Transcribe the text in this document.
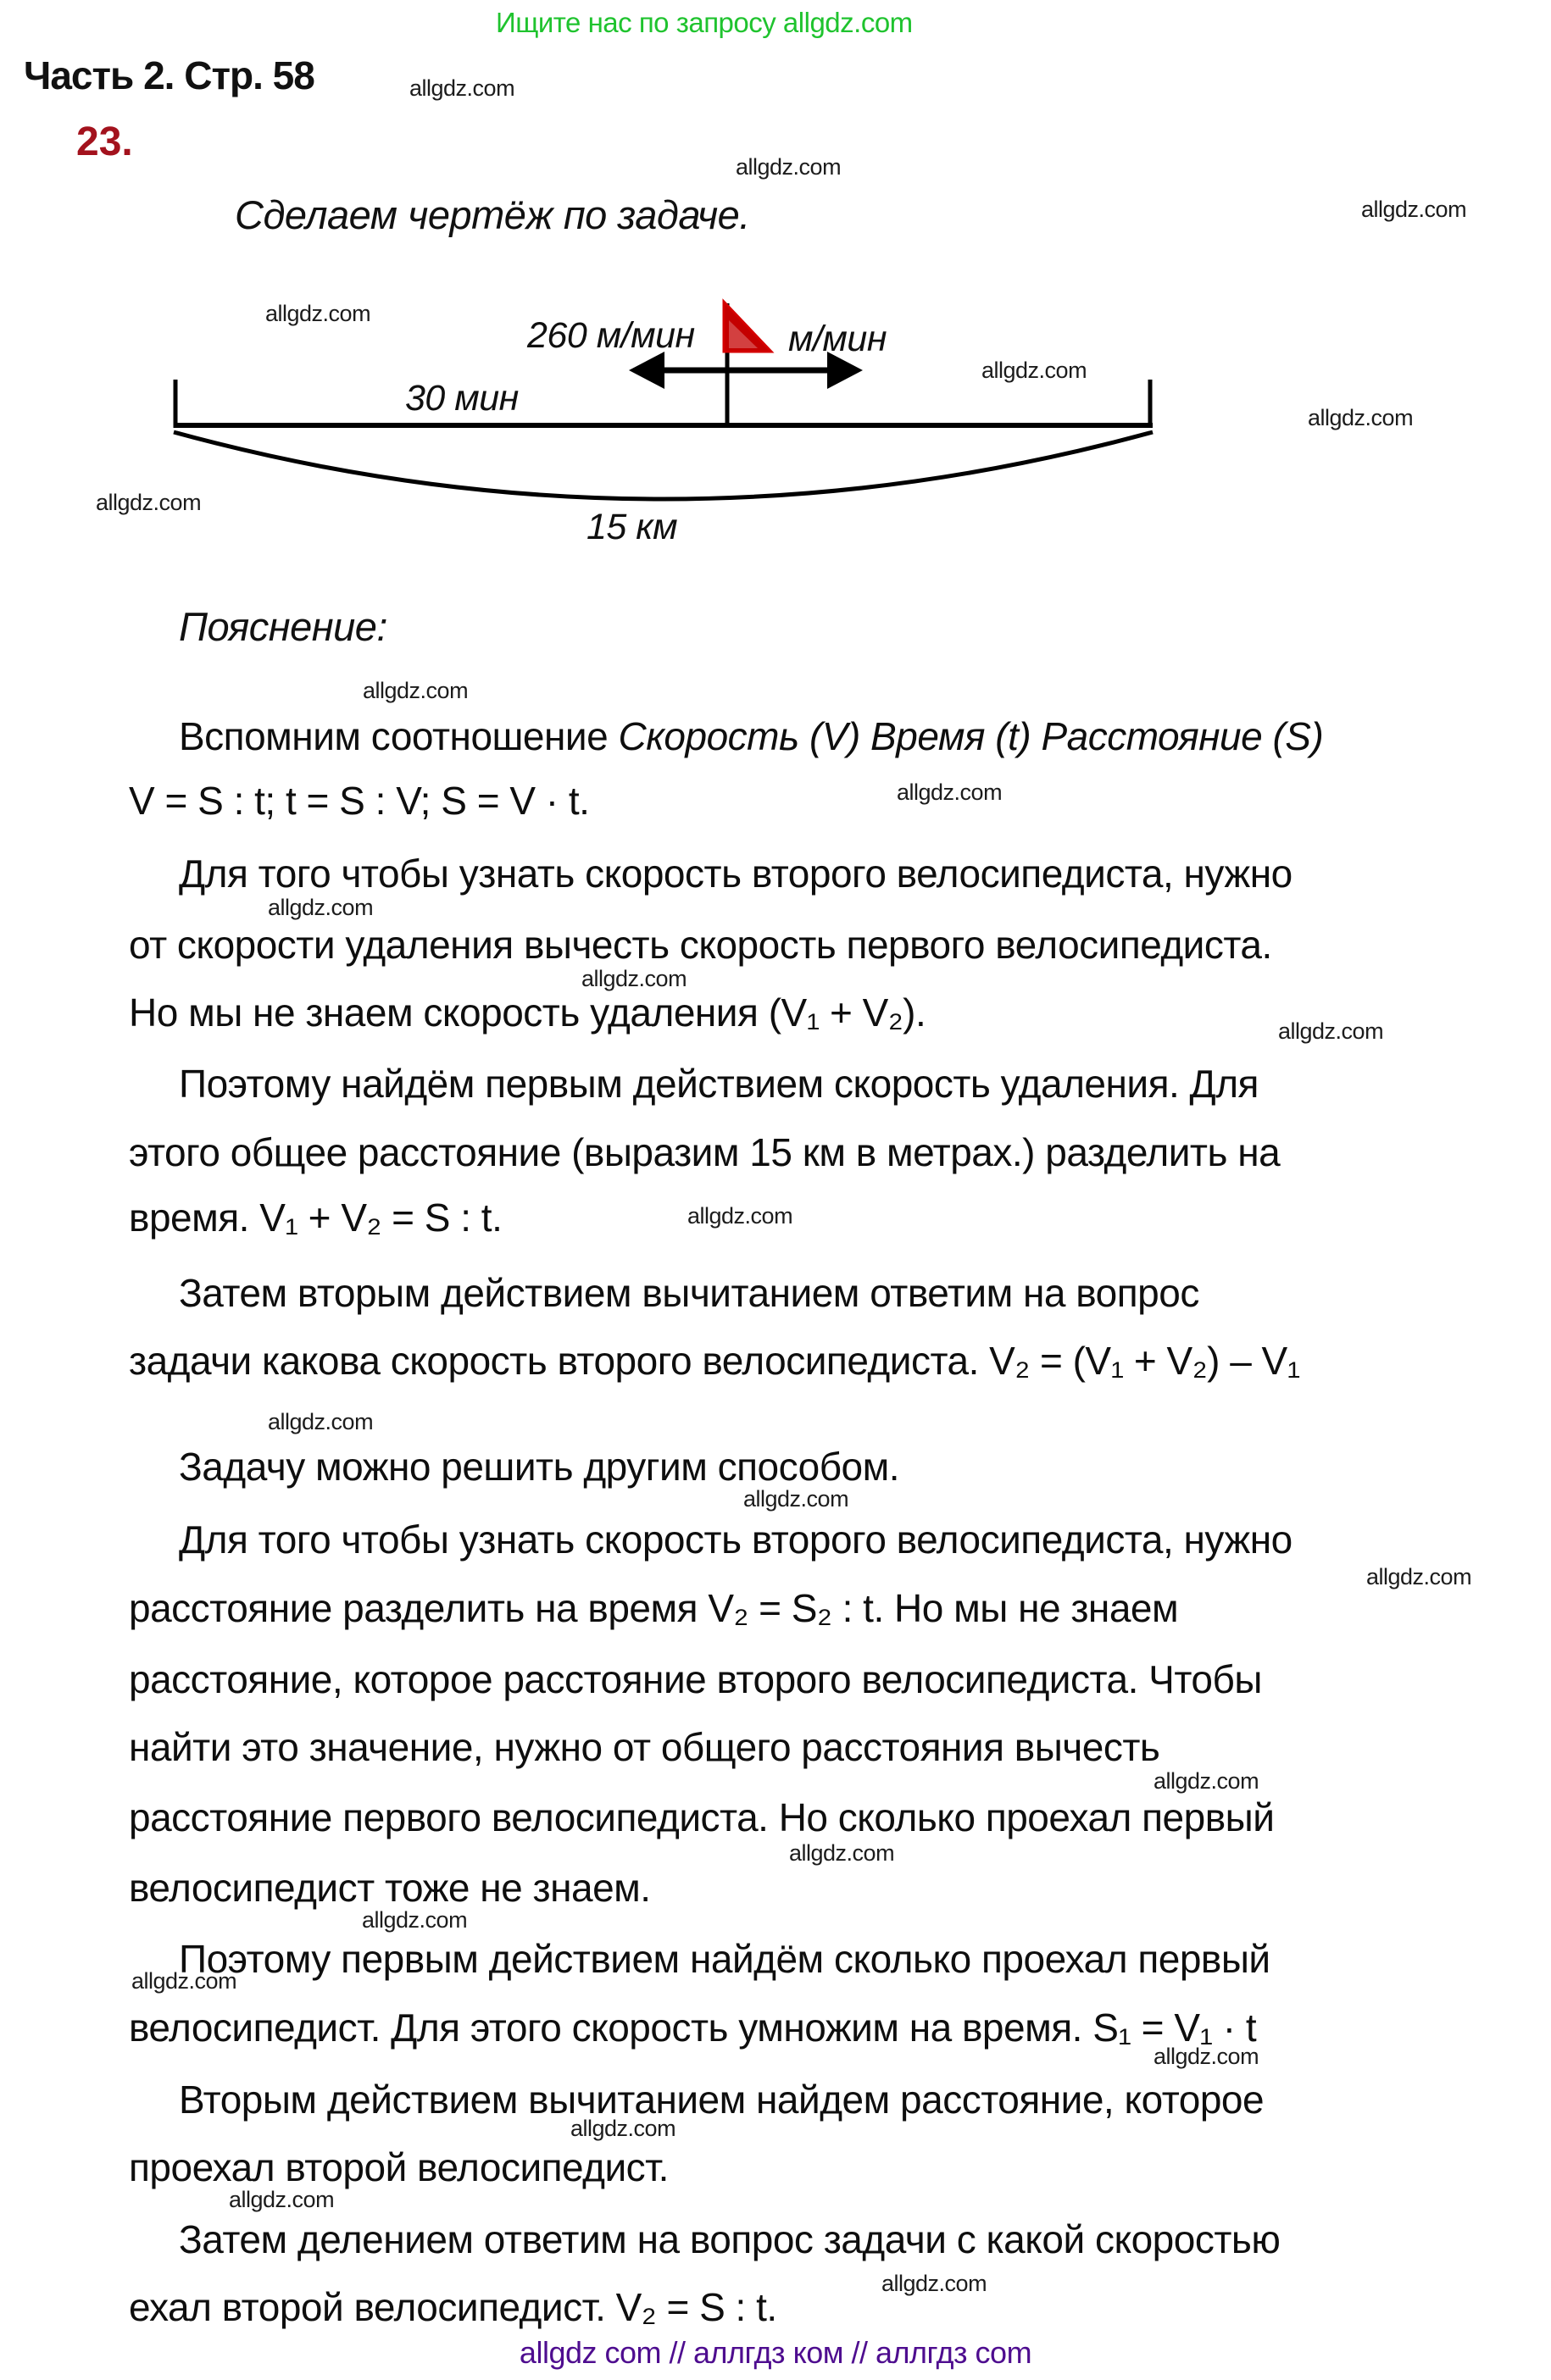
Ищите нас по запросу allgdz.com
Часть 2. Стр. 58
23.
Сделаем чертёж по задаче.
allgdz.com
allgdz.com
allgdz.com
allgdz.com
allgdz.com
allgdz.com
allgdz.com
allgdz.com
allgdz.com
allgdz.com
allgdz.com
allgdz.com
allgdz.com
allgdz.com
allgdz.com
allgdz.com
allgdz.com
allgdz.com
allgdz.com
allgdz.com
allgdz.com
allgdz.com
allgdz.com
allgdz.com
260 м/мин	м/мин
30 мин
15 км
Пояснение:
Вспомним соотношение Скорость (V) Время (t) Расстояние (S)
V = S : t; t = S : V; S = V · t.
Для того чтобы узнать скорость второго велосипедиста, нужно
от скорости удаления вычесть скорость первого велосипедиста.
Но мы не знаем скорость удаления (V₁ + V₂).
Поэтому найдём первым действием скорость удаления. Для
этого общее расстояние (выразим 15 км в метрах.) разделить на
время. V₁ + V₂ = S : t.
Затем вторым действием вычитанием ответим на вопрос
задачи какова скорость второго велосипедиста. V₂ = (V₁ + V₂) – V₁
Задачу можно решить другим способом.
Для того чтобы узнать скорость второго велосипедиста, нужно
расстояние разделить на время V₂ = S₂ : t. Но мы не знаем
расстояние, которое расстояние второго велосипедиста. Чтобы
найти это значение, нужно от общего расстояния вычесть
расстояние первого велосипедиста. Но сколько проехал первый
велосипедист тоже не знаем.
Поэтому первым действием найдём сколько проехал первый
велосипедист. Для этого скорость умножим на время. S₁ = V₁ · t
Вторым действием вычитанием найдем расстояние, которое
проехал второй велосипедист.
Затем делением ответим на вопрос задачи с какой скоростью
ехал второй велосипедист. V₂ = S : t.
allgdz com // аллгдз ком // аллгдз com
